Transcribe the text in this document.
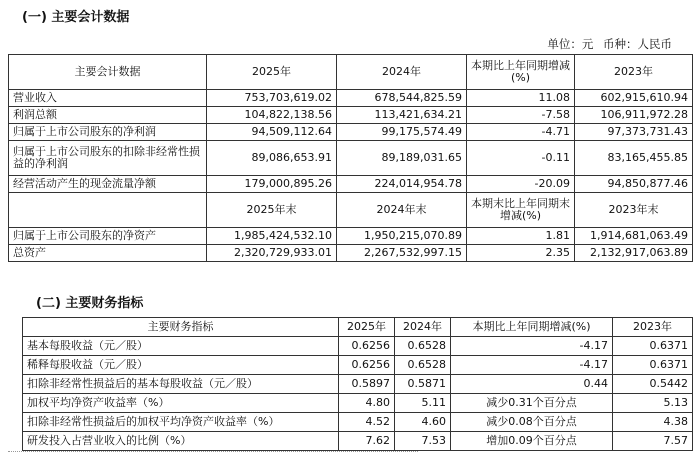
(一) 主要会计数据
单位：元 币种：人民币
主要会计数据	2025年	2024年	本期比上年同期增减(%)	2023年
营业收入	753,703,619.02	678,544,825.59	11.08	602,915,610.94
利润总额	104,822,138.56	113,421,634.21	-7.58	106,911,972.28
归属于上市公司股东的净利润	94,509,112.64	99,175,574.49	-4.71	97,373,731.43
归属于上市公司股东的扣除非经常性损益的净利润	89,086,653.91	89,189,031.65	-0.11	83,165,455.85
经营活动产生的现金流量净额	179,000,895.26	224,014,954.78	-20.09	94,850,877.46
	2025年末	2024年末	本期末比上年同期末增减(%)	2023年末
归属于上市公司股东的净资产	1,985,424,532.10	1,950,215,070.89	1.81	1,914,681,063.49
总资产	2,320,729,933.01	2,267,532,997.15	2.35	2,132,917,063.89
(二) 主要财务指标
主要财务指标	2025年	2024年	本期比上年同期增减(%)	2023年
基本每股收益（元／股）	0.6256	0.6528	-4.17	0.6371
稀释每股收益（元／股）	0.6256	0.6528	-4.17	0.6371
扣除非经常性损益后的基本每股收益（元／股）	0.5897	0.5871	0.44	0.5442
加权平均净资产收益率（%）	4.80	5.11	减少0.31个百分点	5.13
扣除非经常性损益后的加权平均净资产收益率（%）	4.52	4.60	减少0.08个百分点	4.38
研发投入占营业收入的比例（%）	7.62	7.53	增加0.09个百分点	7.57
